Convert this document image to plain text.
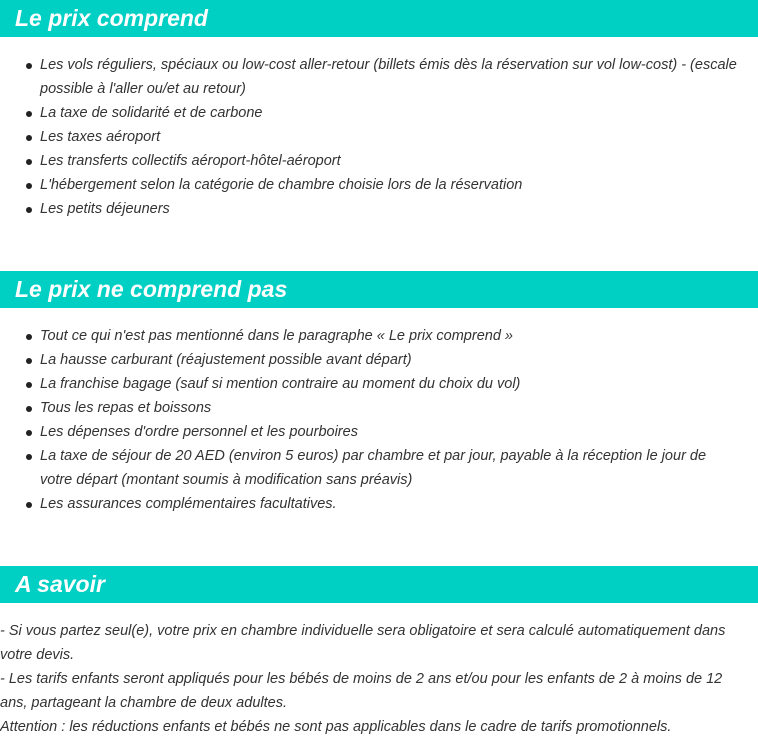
Le prix comprend
Les vols réguliers, spéciaux ou low-cost aller-retour (billets émis dès la réservation sur vol low-cost) - (escale possible à l'aller ou/et au retour)
La taxe de solidarité et de carbone
Les taxes aéroport
Les transferts collectifs aéroport-hôtel-aéroport
L'hébergement selon la catégorie de chambre choisie lors de la réservation
Les petits déjeuners
Le prix ne comprend pas
Tout ce qui n'est pas mentionné dans le paragraphe « Le prix comprend »
La hausse carburant (réajustement possible avant départ)
La franchise bagage (sauf si mention contraire au moment du choix du vol)
Tous les repas et boissons
Les dépenses d'ordre personnel et les pourboires
La taxe de séjour de 20 AED (environ 5 euros) par chambre et par jour, payable à la réception le jour de votre départ (montant soumis à modification sans préavis)
Les assurances complémentaires facultatives.
A savoir

- Si vous partez seul(e), votre prix en chambre individuelle sera obligatoire et sera calculé automatiquement dans votre devis.

- Les tarifs enfants seront appliqués pour les bébés de moins de 2 ans et/ou pour les enfants de 2 à moins de 12 ans, partageant la chambre de deux adultes.

Attention : les réductions enfants et bébés ne sont pas applicables dans le cadre de tarifs promotionnels.
